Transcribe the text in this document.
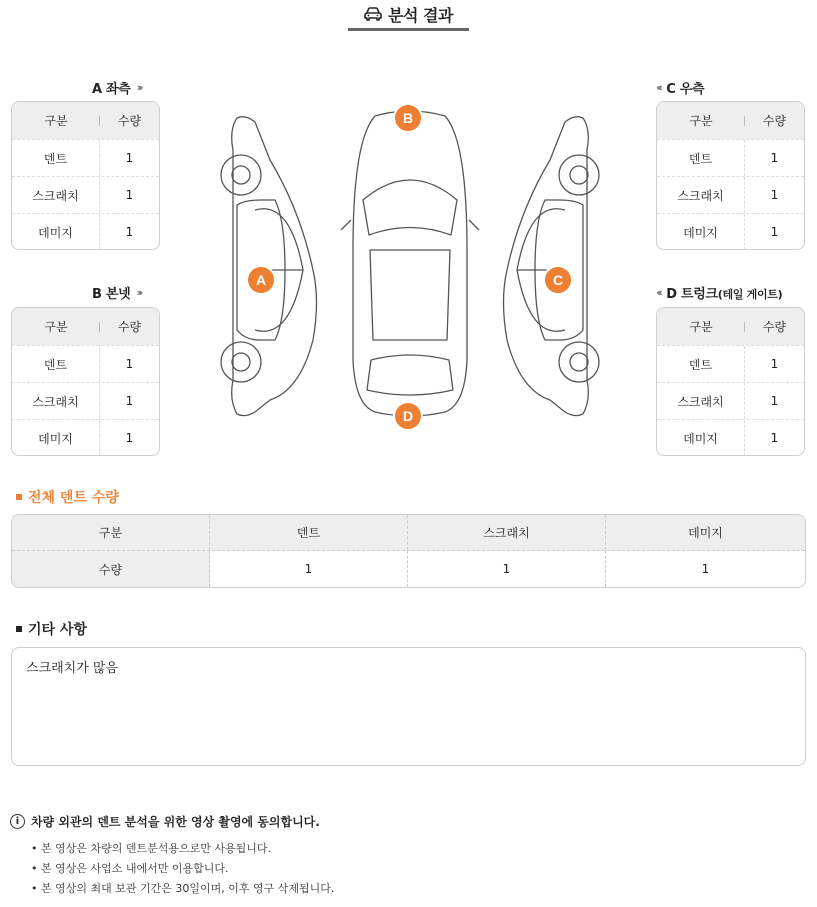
분석 결과
A 좌측 ›››
구분	수량
덴트	1
스크래치	1
데미지	1
B 본넷 ›››
구분	수량
덴트	1
스크래치	1
데미지	1
‹‹‹ C 우측
구분	수량
덴트	1
스크래치	1
데미지	1
‹‹‹ D 트렁크(테일 게이트)
구분	수량
덴트	1
스크래치	1
데미지	1
A
B
C
D
전체 덴트 수량
구분	덴트	스크래치	데미지
수량	1	1	1
기타 사항
스크래치가 많음
i 차량 외관의 덴트 분석을 위한 영상 촬영에 동의합니다.
• 본 영상은 차량의 덴트분석용으로만 사용됩니다.
• 본 영상은 사업소 내에서만 이용합니다.
• 본 영상의 최대 보관 기간은 30일이며, 이후 영구 삭제됩니다.
